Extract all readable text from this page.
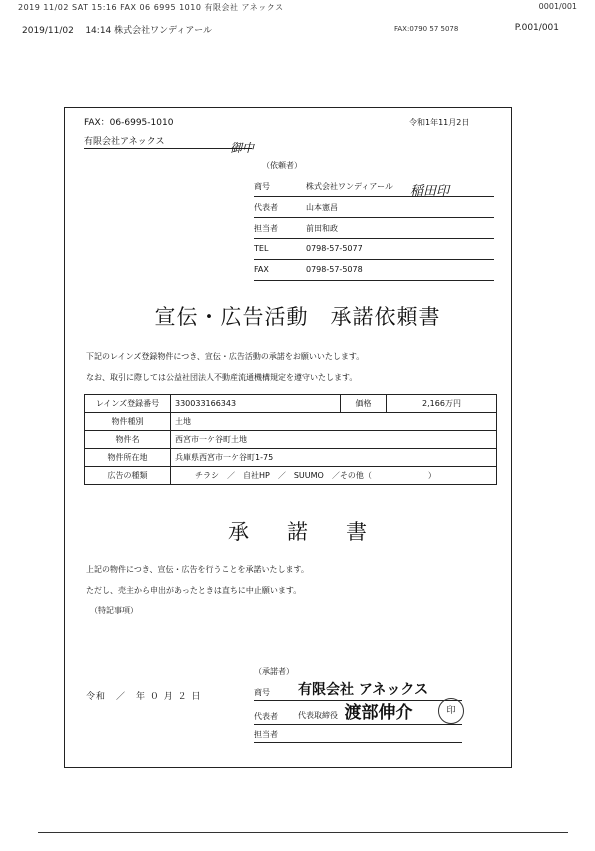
2019 11/02 SAT 15:16 FAX 06 6995 1010 有限会社 アネックス	0001/001
2019/11/02 14:14 株式会社ワンディアール	FAX:0790 57 5078	P.001/001
FAX：06-6995-1010	令和1年11月2日
有限会社アネックス	御中
（依頼者）
商号	株式会社ワンディアール 稲田印
代表者	山本憲昌
担当者	前田和政
TEL	0798-57-5077
FAX	0798-57-5078
宣伝・広告活動　承諾依頼書
下記のレインズ登録物件につき、宣伝・広告活動の承諾をお願いいたします。
なお、取引に際しては公益社団法人不動産流通機構規定を遵守いたします。
レインズ登録番号	330033166343	価格	2,166万円
物件種別	土地		
物件名	西宮市一ケ谷町土地		
物件所在地	兵庫県西宮市一ケ谷町1-75		
広告の種類	チラシ　／　自社HP　／　SUUMO　／その他（　　　　　　　）		
承諾書
上記の物件につき、宣伝・広告を行うことを承諾いたします。
ただし、売主から申出があったときは直ちに中止願います。
（特記事項）
令和　／　年 ０ 月 ２ 日
（承諾者）
商号 有限会社 アネックス
代表者	代表取締役 渡部伸介
担当者
印
